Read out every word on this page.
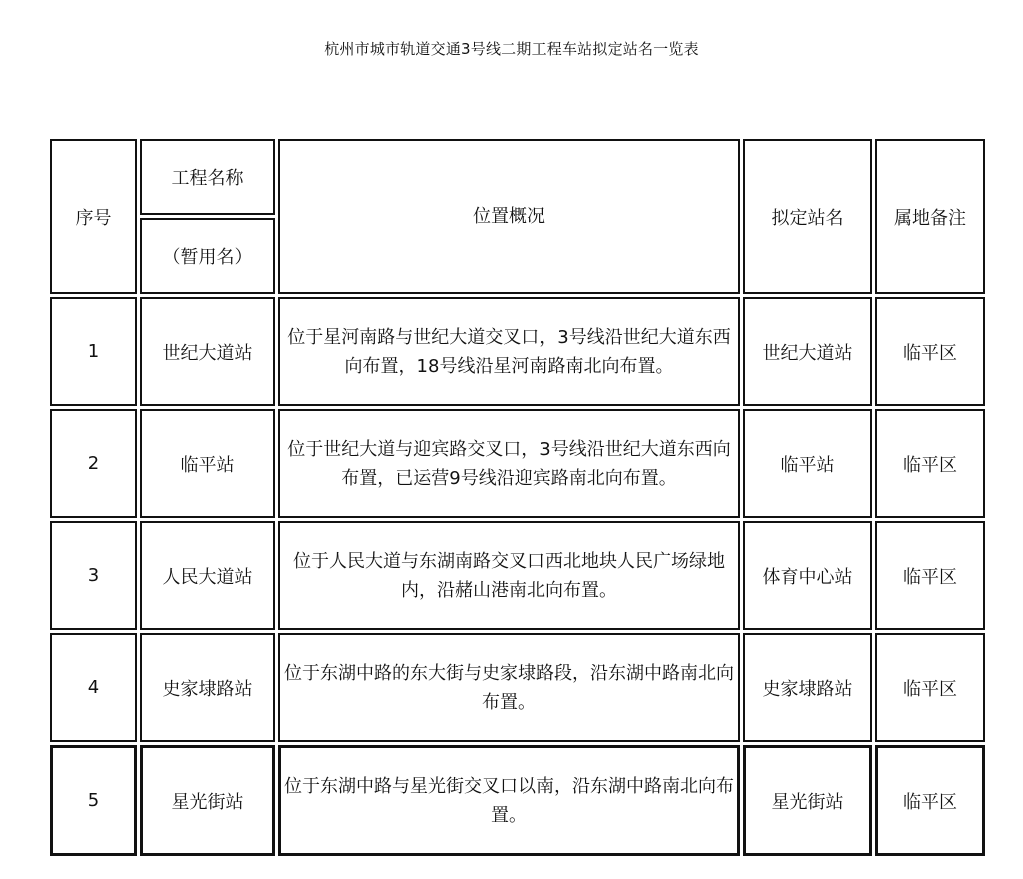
杭州市城市轨道交通3号线二期工程车站拟定站名一览表
序号	工程名称	位置概况	拟定站名	属地备注
	（暂用名）			
1	世纪大道站	位于星河南路与世纪大道交叉口，3号线沿世纪大道东西向布置，18号线沿星河南路南北向布置。	世纪大道站	临平区
2	临平站	位于世纪大道与迎宾路交叉口，3号线沿世纪大道东西向布置，已运营9号线沿迎宾路南北向布置。	临平站	临平区
3	人民大道站	位于人民大道与东湖南路交叉口西北地块人民广场绿地内，沿赭山港南北向布置。	体育中心站	临平区
4	史家埭路站	位于东湖中路的东大街与史家埭路段，沿东湖中路南北向布置。	史家埭路站	临平区
5	星光街站	位于东湖中路与星光街交叉口以南，沿东湖中路南北向布置。	星光街站	临平区
